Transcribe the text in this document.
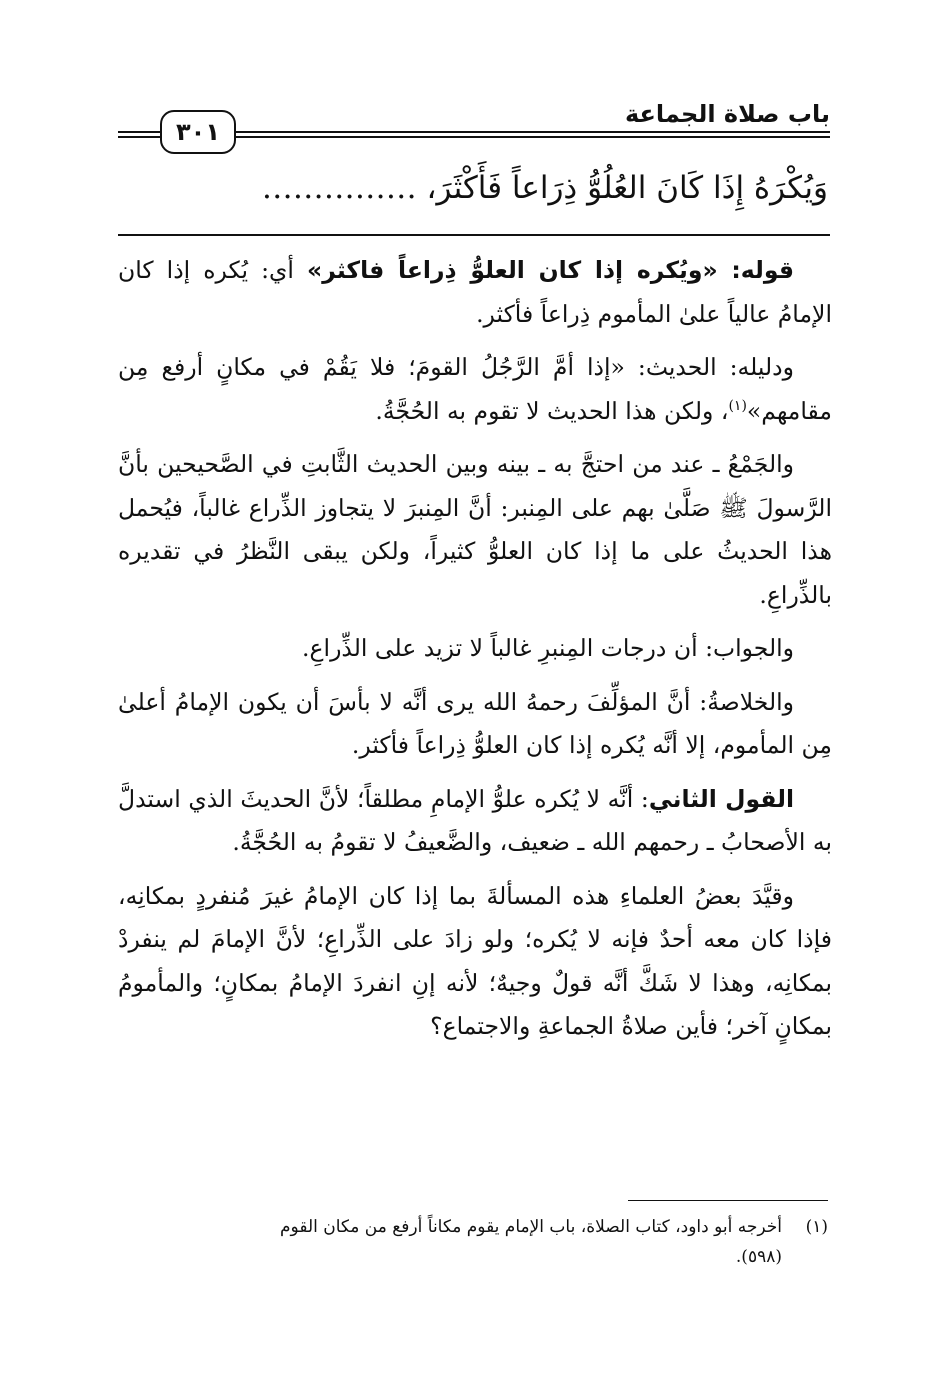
باب صلاة الجماعة
٣٠١
وَيُكْرَهُ إِذَا كَانَ العُلُوُّ ذِرَاعاً فَأَكْثَرَ، ……………

قوله: «ويُكره إذا كان العلوُّ ذِراعاً فاكثر» أي: يُكره إذا كان الإمامُ عالياً علىٰ المأموم ذِراعاً فأكثر.

ودليله: الحديث: «إذا أمَّ الرَّجُلُ القومَ؛ فلا يَقُمْ في مكانٍ أرفع مِن مقامهم»$^{(١)}$، ولكن هذا الحديث لا تقوم به الحُجَّةُ.

والجَمْعُ ـ عند من احتجَّ به ـ بينه وبين الحديث الثَّابتِ في الصَّحيحين بأنَّ الرَّسولَ ﷺ صَلَّىٰ بهم على المِنبر: أنَّ المِنبرَ لا يتجاوز الذِّراع غالباً، فيُحمل هذا الحديثُ على ما إذا كان العلوُّ كثيراً، ولكن يبقى النَّظرُ في تقديره بالذِّراعِ.

والجواب: أن درجات المِنبرِ غالباً لا تزيد على الذِّراعِ.

والخلاصةُ: أنَّ المؤلِّفَ رحمهُ الله يرى أنَّه لا بأسَ أن يكون الإمامُ أعلىٰ مِن المأموم، إلا أنَّه يُكره إذا كان العلوُّ ذِراعاً فأكثر.

القول الثاني: أنَّه لا يُكره علوُّ الإمامِ مطلقاً؛ لأنَّ الحديثَ الذي استدلَّ به الأصحابُ ـ رحمهم الله ـ ضعيف، والضَّعيفُ لا تقومُ به الحُجَّةُ.

وقيَّدَ بعضُ العلماءِ هذه المسألةَ بما إذا كان الإمامُ غيرَ مُنفردٍ بمكانِه، فإذا كان معه أحدٌ فإنه لا يُكره؛ ولو زادَ على الذِّراعِ؛ لأنَّ الإمامَ لم ينفردْ بمكانِه، وهذا لا شَكَّ أنَّه قولٌ وجيهٌ؛ لأنه إنِ انفردَ الإمامُ بمكانٍ؛ والمأمومُ بمكانٍ آخر؛ فأين صلاةُ الجماعةِ والاجتماع؟

(١)أخرجه أبو داود، كتاب الصلاة، باب الإمام يقوم مكاناً أرفع من مكان القوم
(٥٩٨).
